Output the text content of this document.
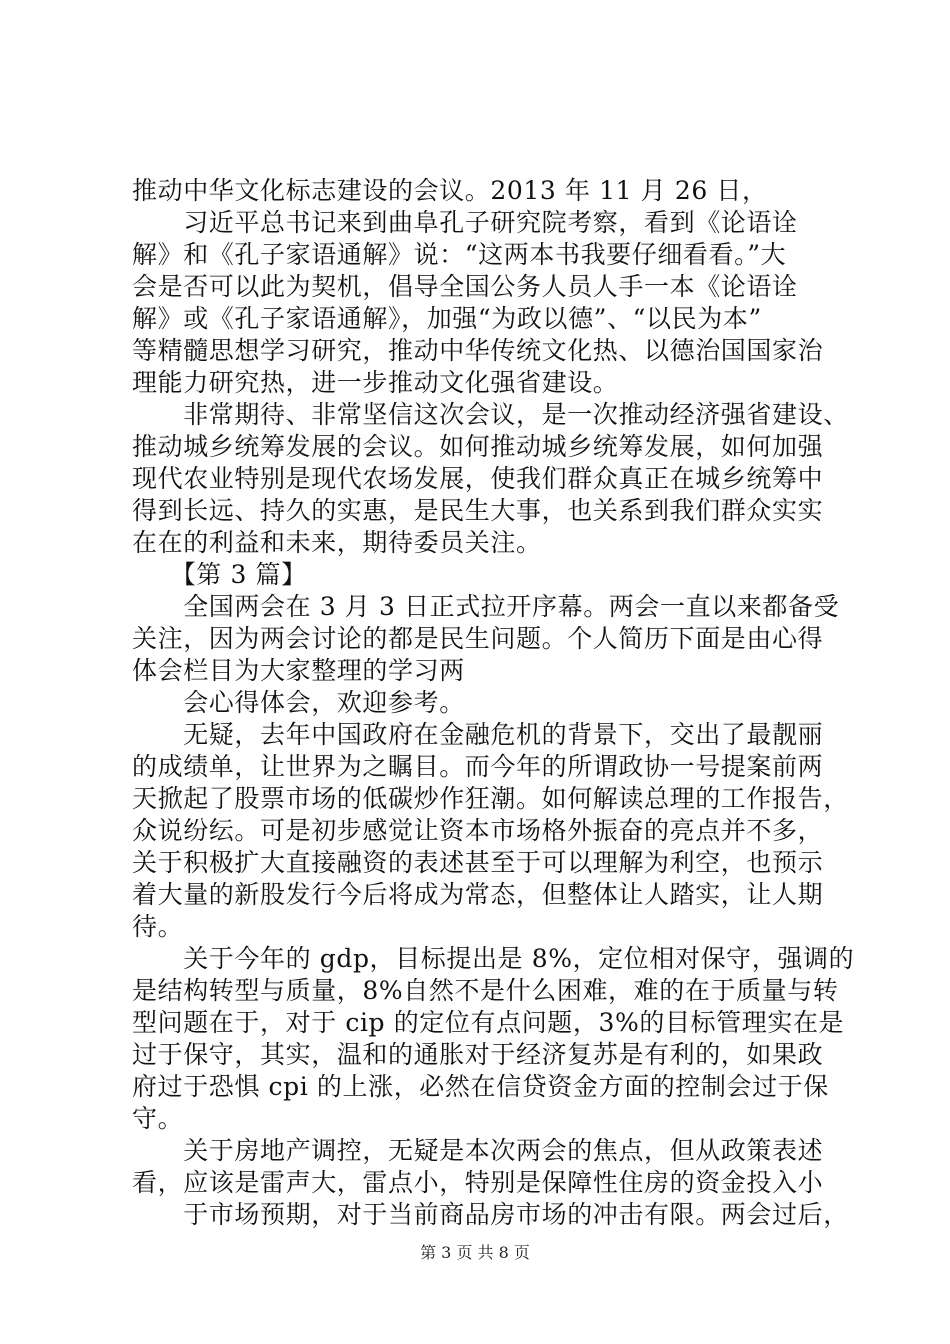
推动中华文化标志建设的会议。2013 年 11 月 26 日，
　　习近平总书记来到曲阜孔子研究院考察，看到《论语诠
解》和《孔子家语通解》说：“这两本书我要仔细看看。”大
会是否可以此为契机，倡导全国公务人员人手一本《论语诠
解》或《孔子家语通解》，加强“为政以德”、“以民为本”
等精髓思想学习研究，推动中华传统文化热、以德治国国家治
理能力研究热，进一步推动文化强省建设。
　　非常期待、非常坚信这次会议，是一次推动经济强省建设、
推动城乡统筹发展的会议。如何推动城乡统筹发展，如何加强
现代农业特别是现代农场发展，使我们群众真正在城乡统筹中
得到长远、持久的实惠，是民生大事，也关系到我们群众实实
在在的利益和未来，期待委员关注。
　　【第 3 篇】
　　全国两会在 3 月 3 日正式拉开序幕。两会一直以来都备受
关注，因为两会讨论的都是民生问题。个人简历下面是由心得
体会栏目为大家整理的学习两
　　会心得体会，欢迎参考。
　　无疑，去年中国政府在金融危机的背景下，交出了最靓丽
的成绩单，让世界为之瞩目。而今年的所谓政协一号提案前两
天掀起了股票市场的低碳炒作狂潮。如何解读总理的工作报告，
众说纷纭。可是初步感觉让资本市场格外振奋的亮点并不多，
关于积极扩大直接融资的表述甚至于可以理解为利空，也预示
着大量的新股发行今后将成为常态，但整体让人踏实，让人期
待。
　　关于今年的 gdp，目标提出是 8%，定位相对保守，强调的
是结构转型与质量，8%自然不是什么困难，难的在于质量与转
型问题在于，对于 cip 的定位有点问题，3%的目标管理实在是
过于保守，其实，温和的通胀对于经济复苏是有利的，如果政
府过于恐惧 cpi 的上涨，必然在信贷资金方面的控制会过于保
守。
　　关于房地产调控，无疑是本次两会的焦点，但从政策表述
看，应该是雷声大，雷点小，特别是保障性住房的资金投入小
　　于市场预期，对于当前商品房市场的冲击有限。两会过后，
第 3 页 共 8 页
